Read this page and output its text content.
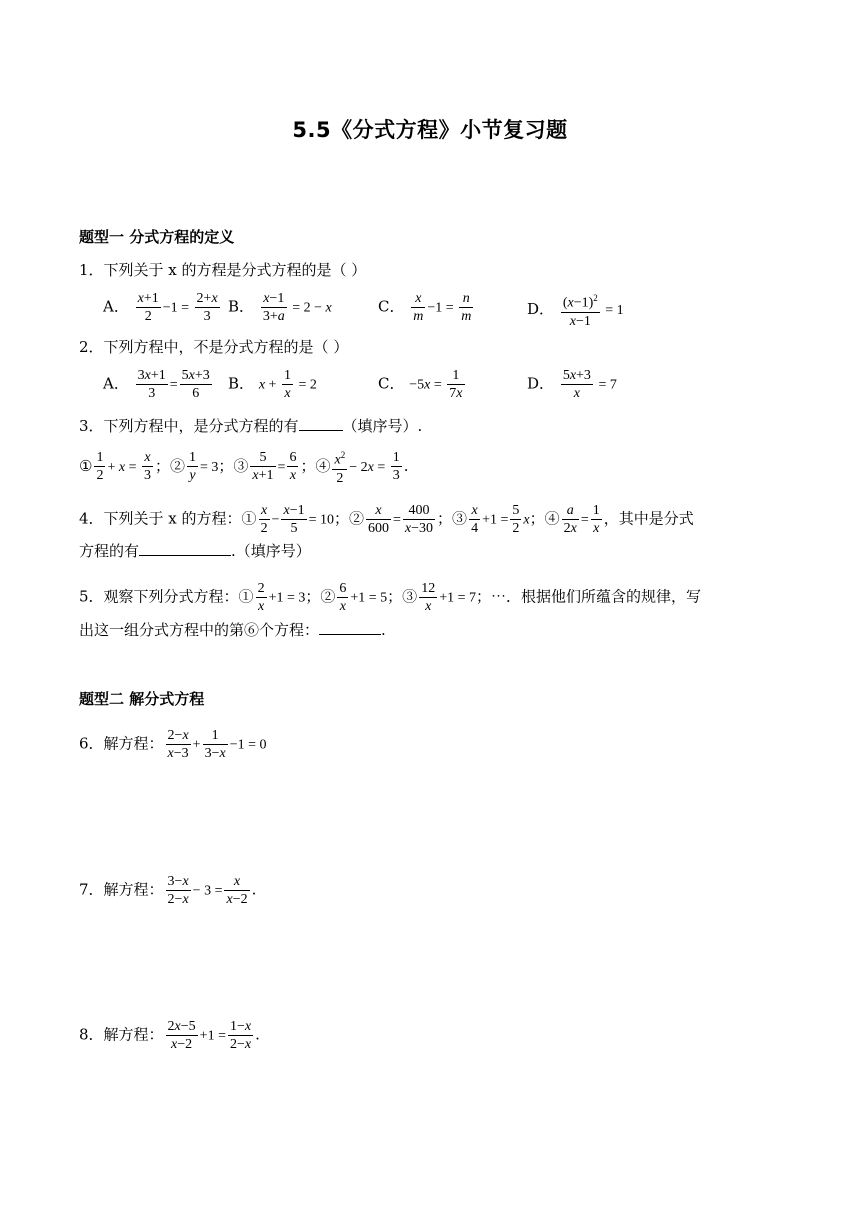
5.5《分式方程》小节复习题
题型一 分式方程的定义
1．下列关于 x 的方程是分式方程的是（ ）
A． $\frac{x+1}{2} -1 = \frac{2+x}{3}$ B． $\frac{x-1}{3+a} = 2 - x$	C． $\frac{x}{m} -1 = \frac{n}{m}$	D． $\frac{(x-1)^2}{x-1} = 1$
2．下列方程中，不是分式方程的是（ ）
A． $\frac{3x+1}{3} = \frac{5x+3}{6}$ B． $x + \frac{1}{x} = 2$	C． $-5x = \frac{1}{7x}$	D． $\frac{5x+3}{x} = 7$
3．下列方程中，是分式方程的有	（填序号）.
① $\frac{1}{2} + x = \frac{x}{3}$ ；② $\frac{1}{y} = 3$；③ $\frac{5}{x+1} = \frac{6}{x}$ ；④ $\frac{x^2}{2} - 2x = \frac{1}{3}$ .
4．下列关于 x 的方程：① $\frac{x}{2} - \frac{x-1}{5} = 10$；② $\frac{x}{600} = \frac{400}{x-30}$ ；③ $\frac{x}{4} +1 = \frac{5}{2}$ x；④ $\frac{a}{2x} = \frac{1}{x}$ ，其中是分式
方程的有	.（填序号）
5．观察下列分式方程：① $\frac{2}{x} +1 = 3$；② $\frac{6}{x} +1 = 5$；③ $\frac{12}{x} +1 = 7$；⋯．根据他们所蕴含的规律，写
出这一组分式方程中的第⑥个方程：	.
题型二 解分式方程
6．解方程： $\frac{2-x}{x-3} + \frac{1}{3-x} -1 = 0$
7．解方程： $\frac{3-x}{2-x} - 3 = \frac{x}{x-2}$ .
8．解方程： $\frac{2x-5}{x-2} +1 = \frac{1-x}{2-x}$ .
